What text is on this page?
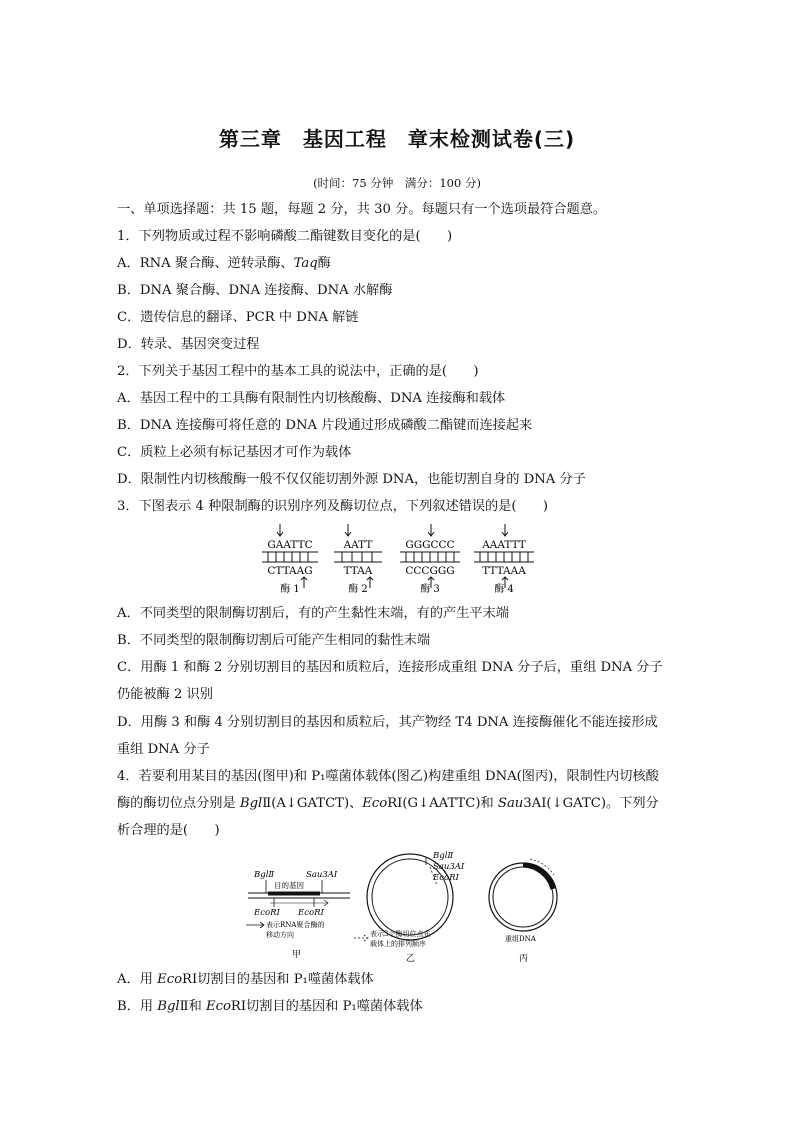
第三章　基因工程　章末检测试卷(三)
(时间：75 分钟　满分：100 分)
一、单项选择题：共 15 题，每题 2 分，共 30 分。每题只有一个选项最符合题意。
1．下列物质或过程不影响磷酸二酯键数目变化的是(　　)
A．RNA 聚合酶、逆转录酶、Taq酶
B．DNA 聚合酶、DNA 连接酶、DNA 水解酶
C．遗传信息的翻译、PCR 中 DNA 解链
D．转录、基因突变过程
2．下列关于基因工程中的基本工具的说法中，正确的是(　　)
A．基因工程中的工具酶有限制性内切核酸酶、DNA 连接酶和载体
B．DNA 连接酶可将任意的 DNA 片段通过形成磷酸二酯键而连接起来
C．质粒上必须有标记基因才可作为载体
D．限制性内切核酸酶一般不仅仅能切割外源 DNA，也能切割自身的 DNA 分子
3．下图表示 4 种限制酶的识别序列及酶切位点，下列叙述错误的是(　　)
GAATTC
CTTAAG
酶 1
AATT
TTAA
酶 2
GGGCCC
CCCGGG
酶 3
AAATTT
TTTAAA
酶 4
A．不同类型的限制酶切割后，有的产生黏性末端，有的产生平末端
B．不同类型的限制酶切割后可能产生相同的黏性末端
C．用酶 1 和酶 2 分别切割目的基因和质粒后，连接形成重组 DNA 分子后，重组 DNA 分子
仍能被酶 2 识别
D．用酶 3 和酶 4 分别切割目的基因和质粒后，其产物经 T4 DNA 连接酶催化不能连接形成
重组 DNA 分子
4．若要利用某目的基因(图甲)和 P₁噬菌体载体(图乙)构建重组 DNA(图丙)，限制性内切核酸
酶的酶切位点分别是 BglⅡ(A↓GATCT)、EcoRⅠ(G↓AATTC)和 Sau3AⅠ(↓GATC)。下列分
析合理的是(　　)
BglⅡ	Sau3AⅠ
目的基因
EcoRⅠ EcoRⅠ
表示RNA聚合酶的
移动方向
甲
BglⅡ
Sau3AⅠ
EcoRⅠ
表示3个酶切位点在
载体上的排列顺序
乙
重组DNA
丙
A．用 EcoRⅠ切割目的基因和 P₁噬菌体载体
B．用 BglⅡ和 EcoRⅠ切割目的基因和 P₁噬菌体载体
